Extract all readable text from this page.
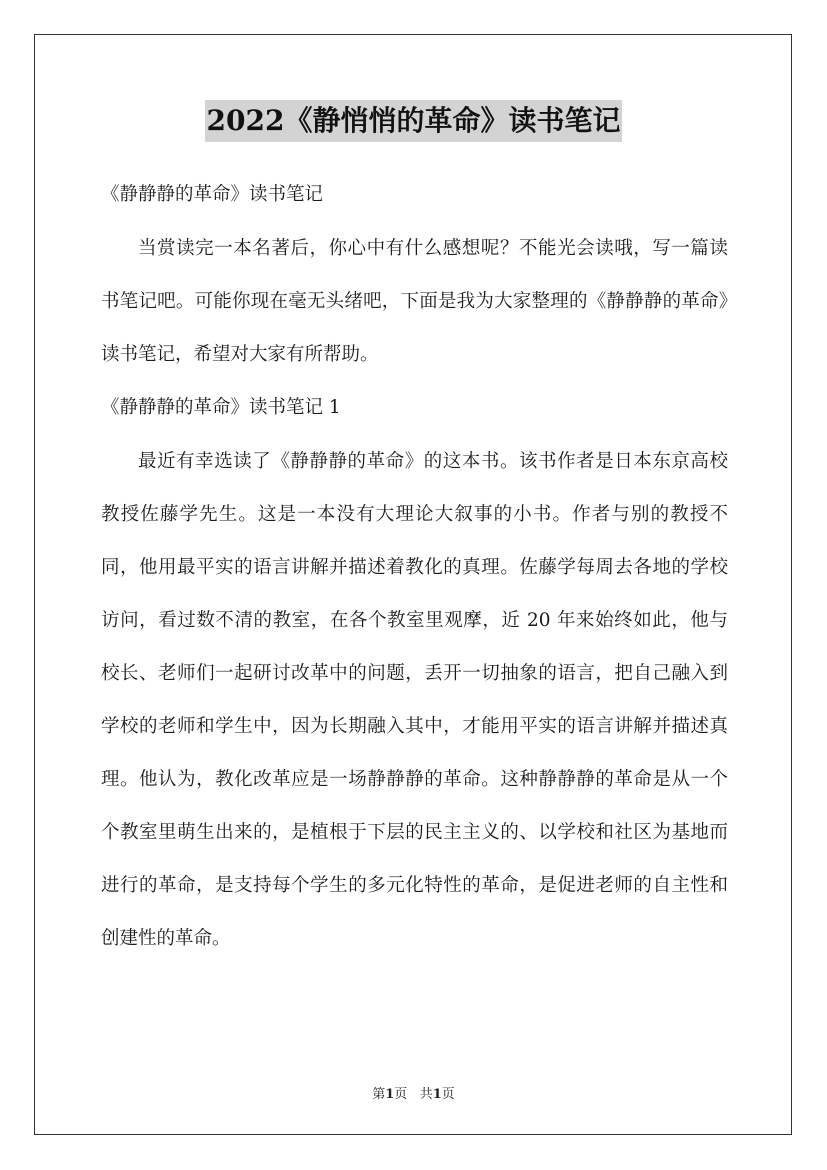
2022《静悄悄的革命》读书笔记

《静静静的革命》读书笔记

当赏读完一本名著后，你心中有什么感想呢？不能光会读哦，写一篇读书笔记吧。可能你现在毫无头绪吧，下面是我为大家整理的《静静静的革命》读书笔记，希望对大家有所帮助。

《静静静的革命》读书笔记 1

最近有幸选读了《静静静的革命》的这本书。该书作者是日本东京高校教授佐藤学先生。这是一本没有大理论大叙事的小书。作者与别的教授不同，他用最平实的语言讲解并描述着教化的真理。佐藤学每周去各地的学校访问，看过数不清的教室，在各个教室里观摩，近 20 年来始终如此，他与校长、老师们一起研讨改革中的问题，丢开一切抽象的语言，把自己融入到学校的老师和学生中，因为长期融入其中，才能用平实的语言讲解并描述真理。他认为，教化改革应是一场静静静的革命。这种静静静的革命是从一个个教室里萌生出来的，是植根于下层的民主主义的、以学校和社区为基地而进行的革命，是支持每个学生的多元化特性的革命，是促进老师的自主性和创建性的革命。

第1页 共1页
